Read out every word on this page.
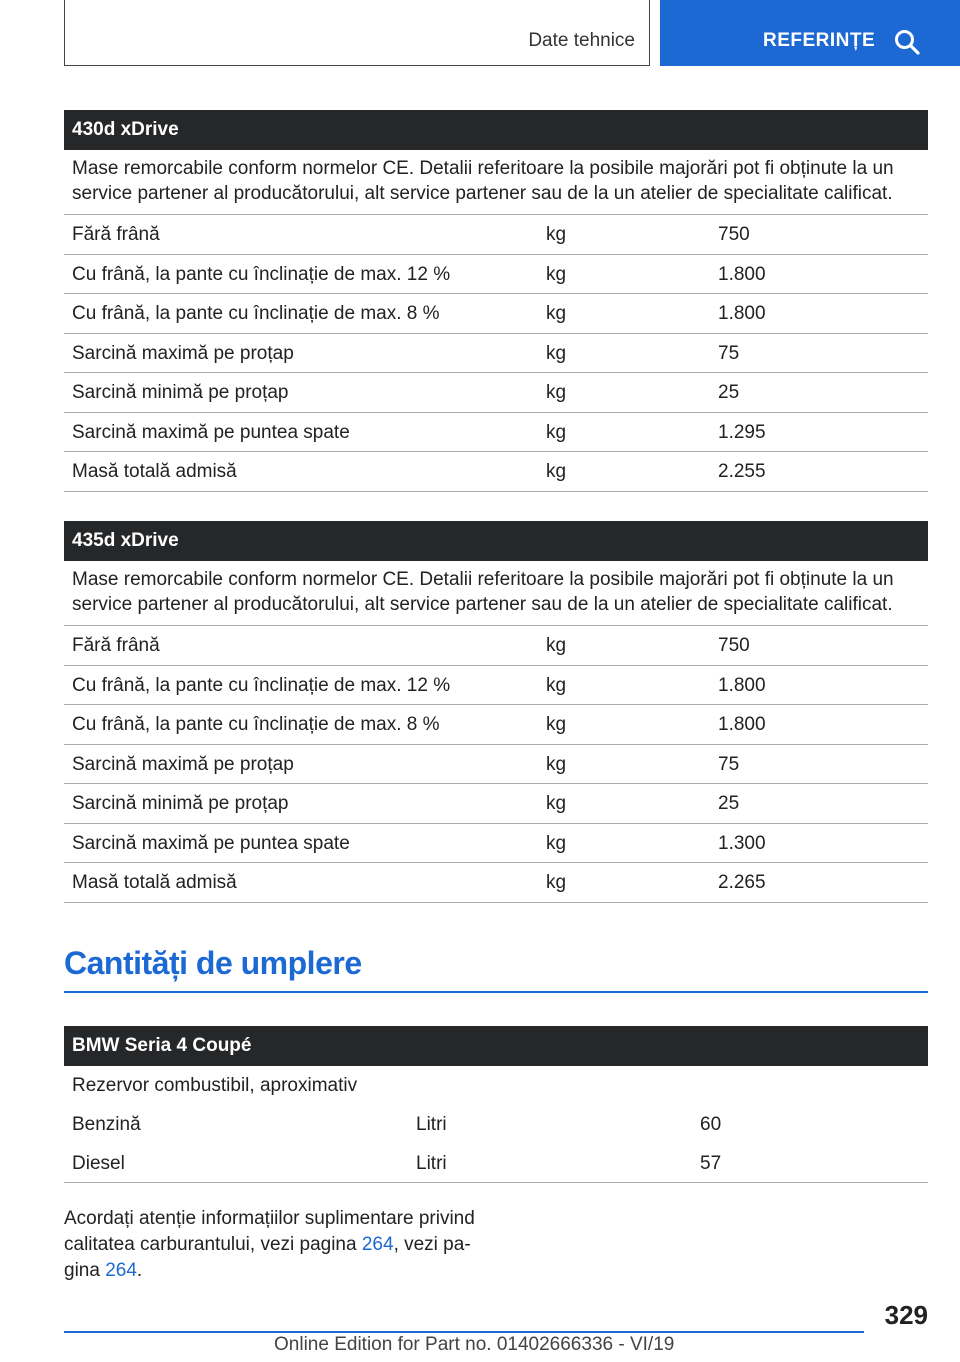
Date tehnice	REFERINȚE
430d xDrive
Mase remorcabile conform normelor CE. Detalii referitoare la posibile majorări pot fi obținute la un service partener al producătorului, alt service partener sau de la un atelier de specialitate calificat.
Fără frână	kg	750
Cu frână, la pante cu înclinație de max. 12 %	kg	1.800
Cu frână, la pante cu înclinație de max. 8 %	kg	1.800
Sarcină maximă pe proțap	kg	75
Sarcină minimă pe proțap	kg	25
Sarcină maximă pe puntea spate	kg	1.295
Masă totală admisă	kg	2.255
435d xDrive
Mase remorcabile conform normelor CE. Detalii referitoare la posibile majorări pot fi obținute la un service partener al producătorului, alt service partener sau de la un atelier de specialitate calificat.
Fără frână	kg	750
Cu frână, la pante cu înclinație de max. 12 %	kg	1.800
Cu frână, la pante cu înclinație de max. 8 %	kg	1.800
Sarcină maximă pe proțap	kg	75
Sarcină minimă pe proțap	kg	25
Sarcină maximă pe puntea spate	kg	1.300
Masă totală admisă	kg	2.265
Cantități de umplere
BMW Seria 4 Coupé
Rezervor combustibil, aproximativ
Benzină	Litri	60
Diesel	Litri	57

Acordați atenție informațiilor suplimentare privind calitatea carburantului, vezi pagina 264, vezi pa-gina 264.

329
Online Edition for Part no. 01402666336 - VI/19
